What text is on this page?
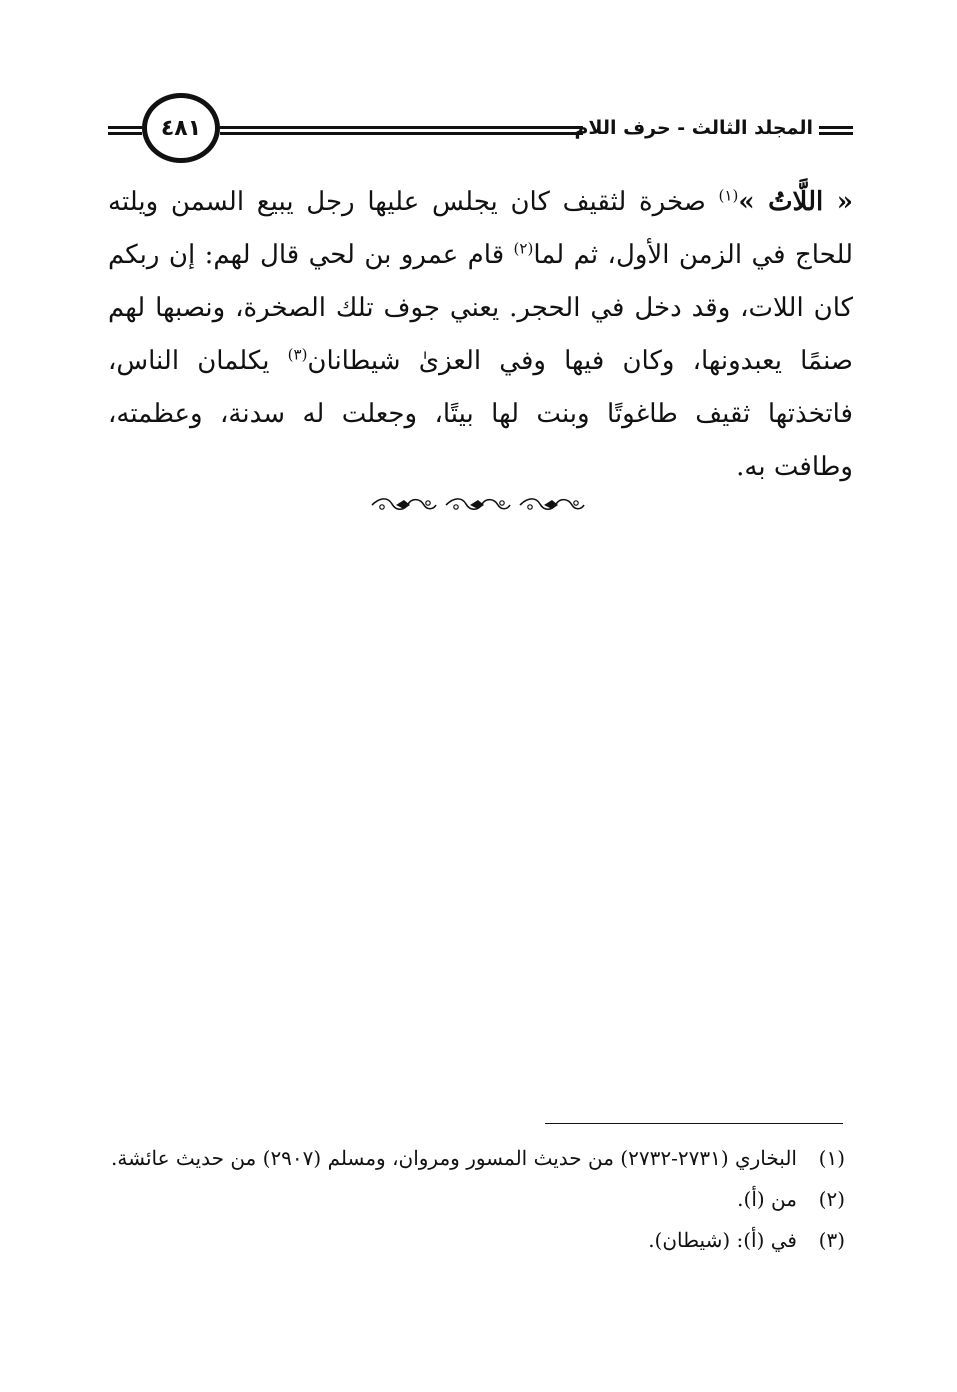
المجلد الثالث - حرف اللام
٤٨١
« اللَّاتُ »$^{(١)}$ صخرة لثقيف كان يجلس عليها رجل يبيع السمن ويلته
للحاج في الزمن الأول، ثم لما$^{(٢)}$ قام عمرو بن لحي قال لهم: إن ربكم
كان اللات، وقد دخل في الحجر. يعني جوف تلك الصخرة، ونصبها لهم
صنمًا يعبدونها، وكان فيها وفي العزىٰ شيطانان$^{(٣)}$ يكلمان الناس،
فاتخذتها ثقيف طاغوتًا وبنت لها بيتًا، وجعلت له سدنة، وعظمته،
وطافت به.
(١)
البخاري (٢٧٣١-٢٧٣٢) من حديث المسور ومروان، ومسلم (٢٩٠٧) من حديث عائشة.
(٢)
من (أ).
(٣)
في (أ): (شيطان).
